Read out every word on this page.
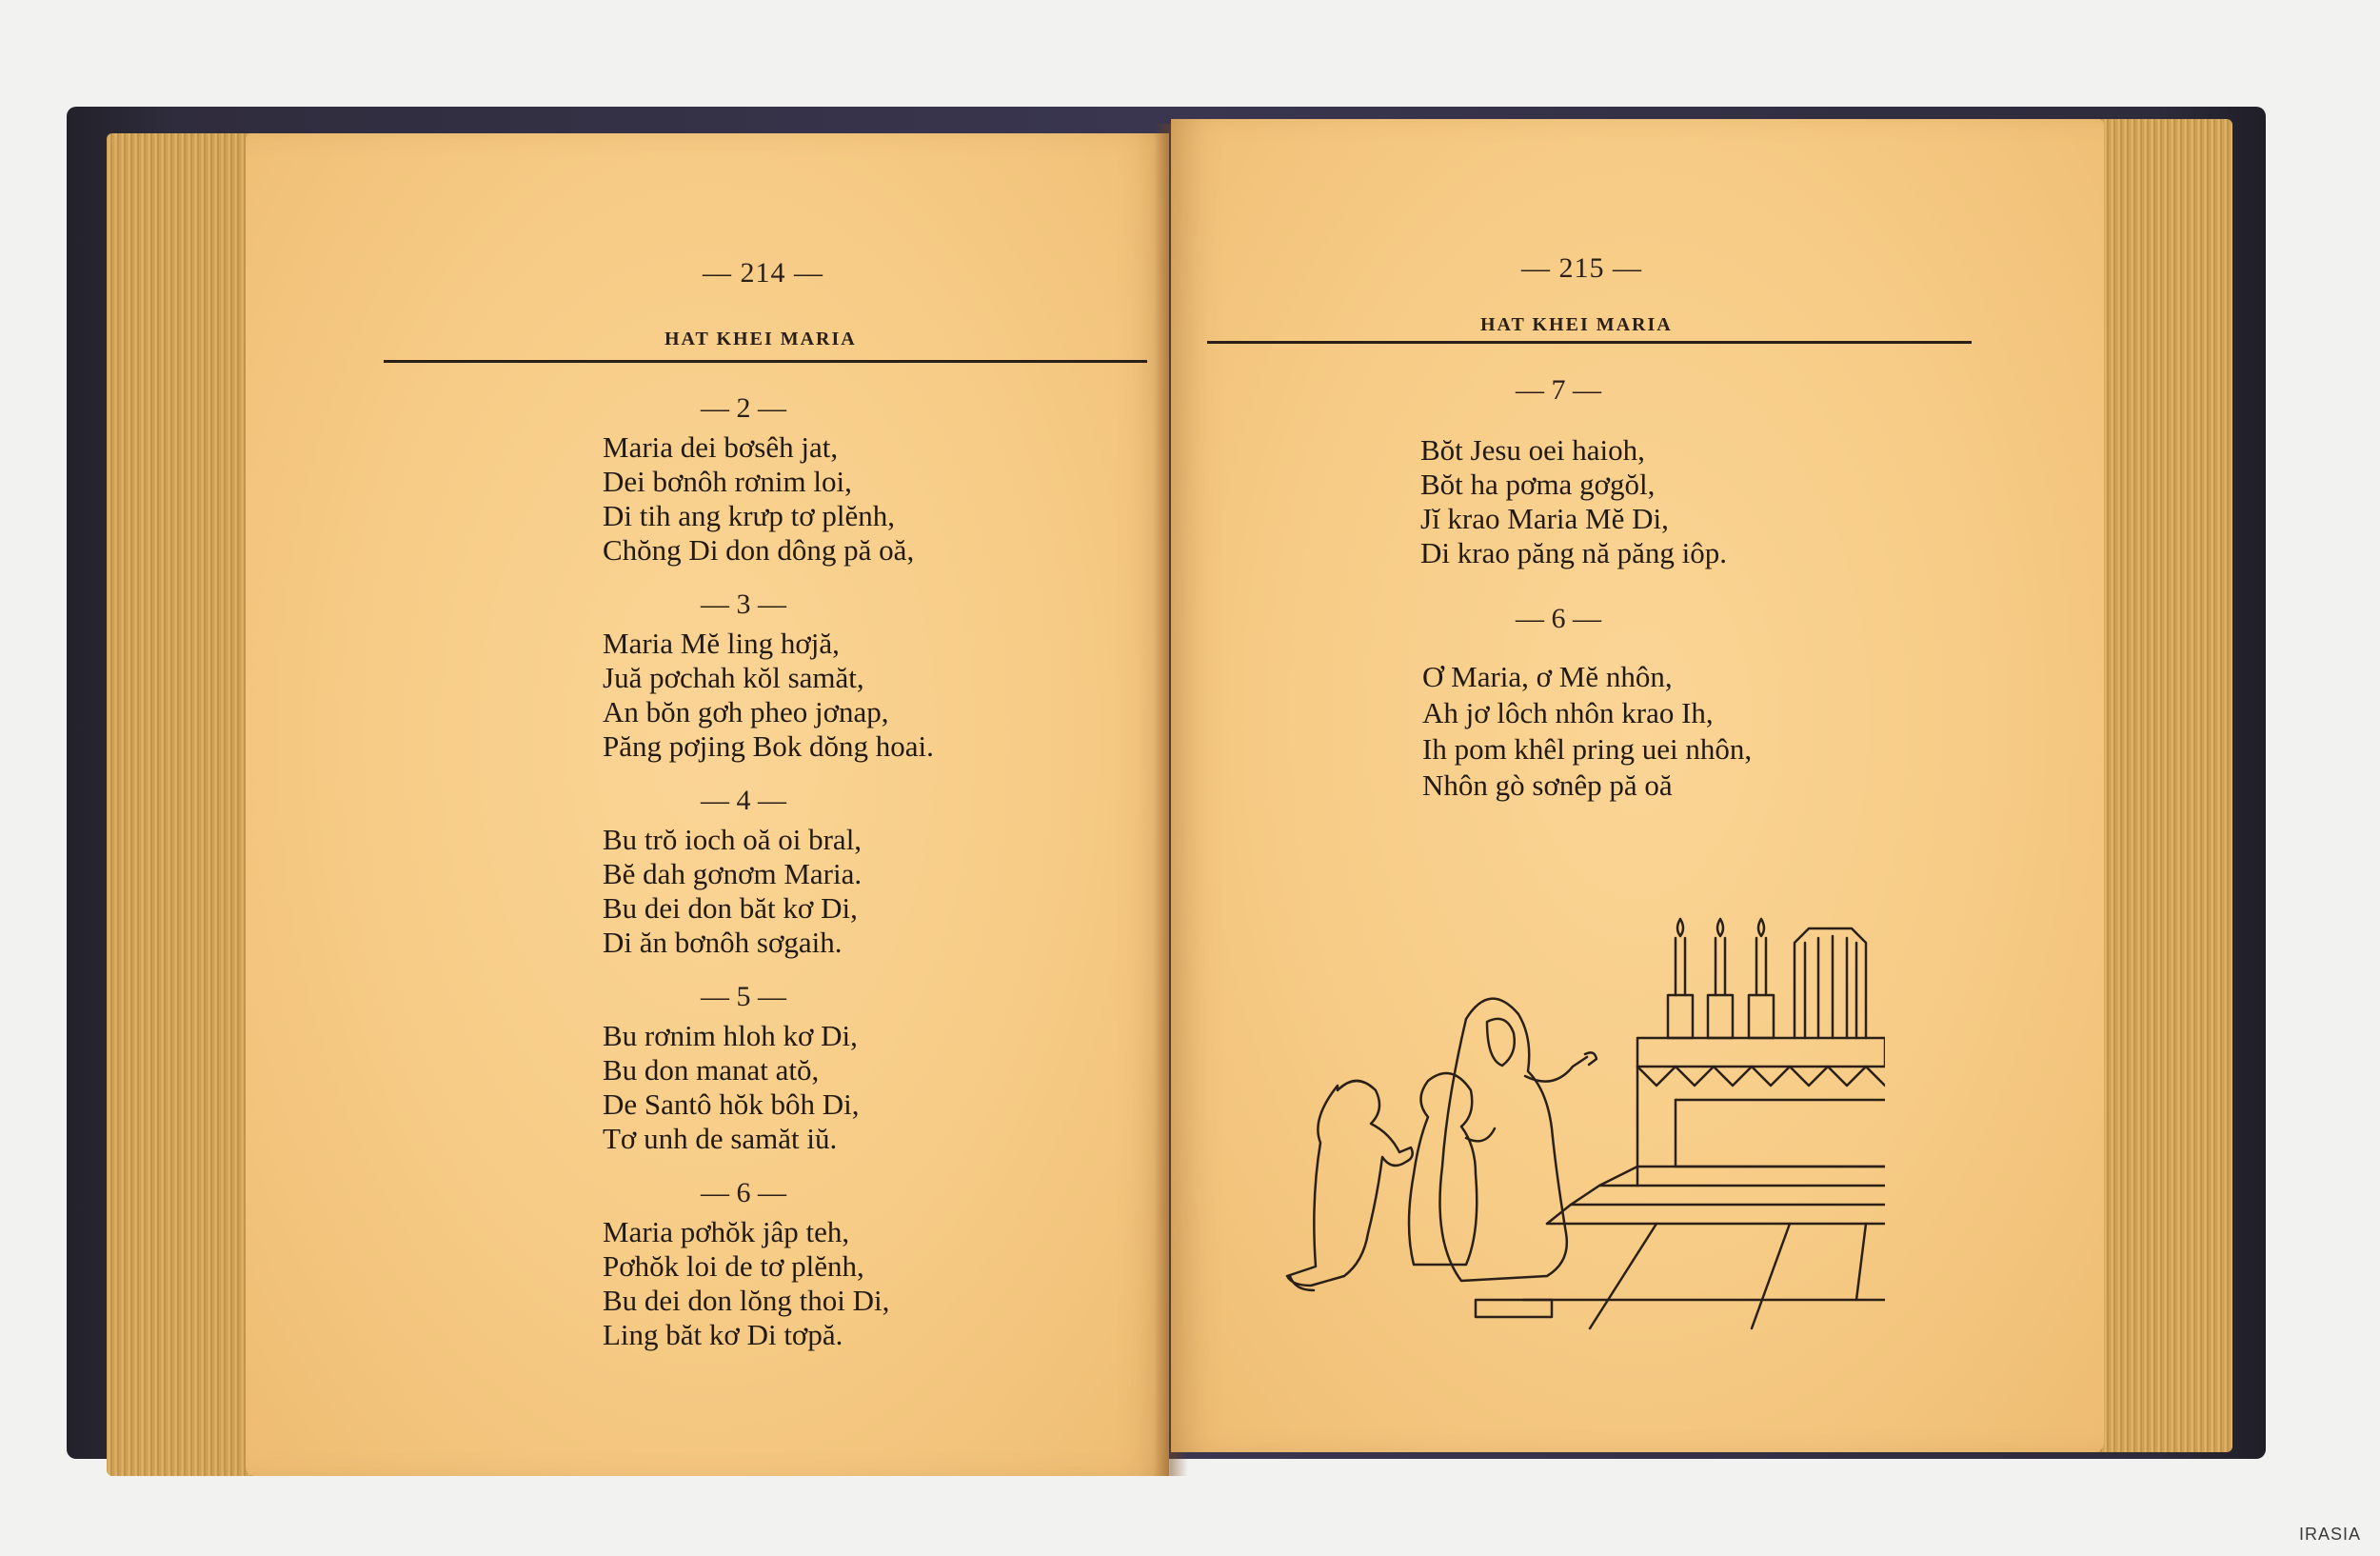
— 214 —
HAT KHEI MARIA
— 2 —
Maria dei bơsêh jat,
Dei bơnôh rơnim loi,
Di tih ang krưp tơ plĕnh,
Chŏng Di don dông pă oă,
— 3 —
Maria Mĕ ling hơjă,
Juă pơchah kŏl samăt,
An bŏn gơh pheo jơnap,
Păng pơjing Bok dŏng hoai.
— 4 —
Bu trŏ ioch oă oi bral,
Bĕ dah gơnơm Maria.
Bu dei don băt kơ Di,
Di ăn bơnôh sơgaih.
— 5 —
Bu rơnim hloh kơ Di,
Bu don manat atŏ,
De Santô hŏk bôh Di,
Tơ unh de samăt iŭ.
— 6 —
Maria pơhŏk jâp teh,
Pơhŏk loi de tơ plĕnh,
Bu dei don lŏng thoi Di,
Ling băt kơ Di tơpă.
— 215 —
HAT KHEI MARIA
— 7 —
Bŏt Jesu oei haioh,
Bŏt ha pơma gơgŏl,
Jĭ krao Maria Mĕ Di,
Di krao păng nă păng iôp.
— 6 —
Ơ Maria, ơ Mĕ nhôn,
Ah jơ lôch nhôn krao Ih,
Ih pom khêl pring uei nhôn,
Nhôn gò sơnêp pă oă
IRASIA
